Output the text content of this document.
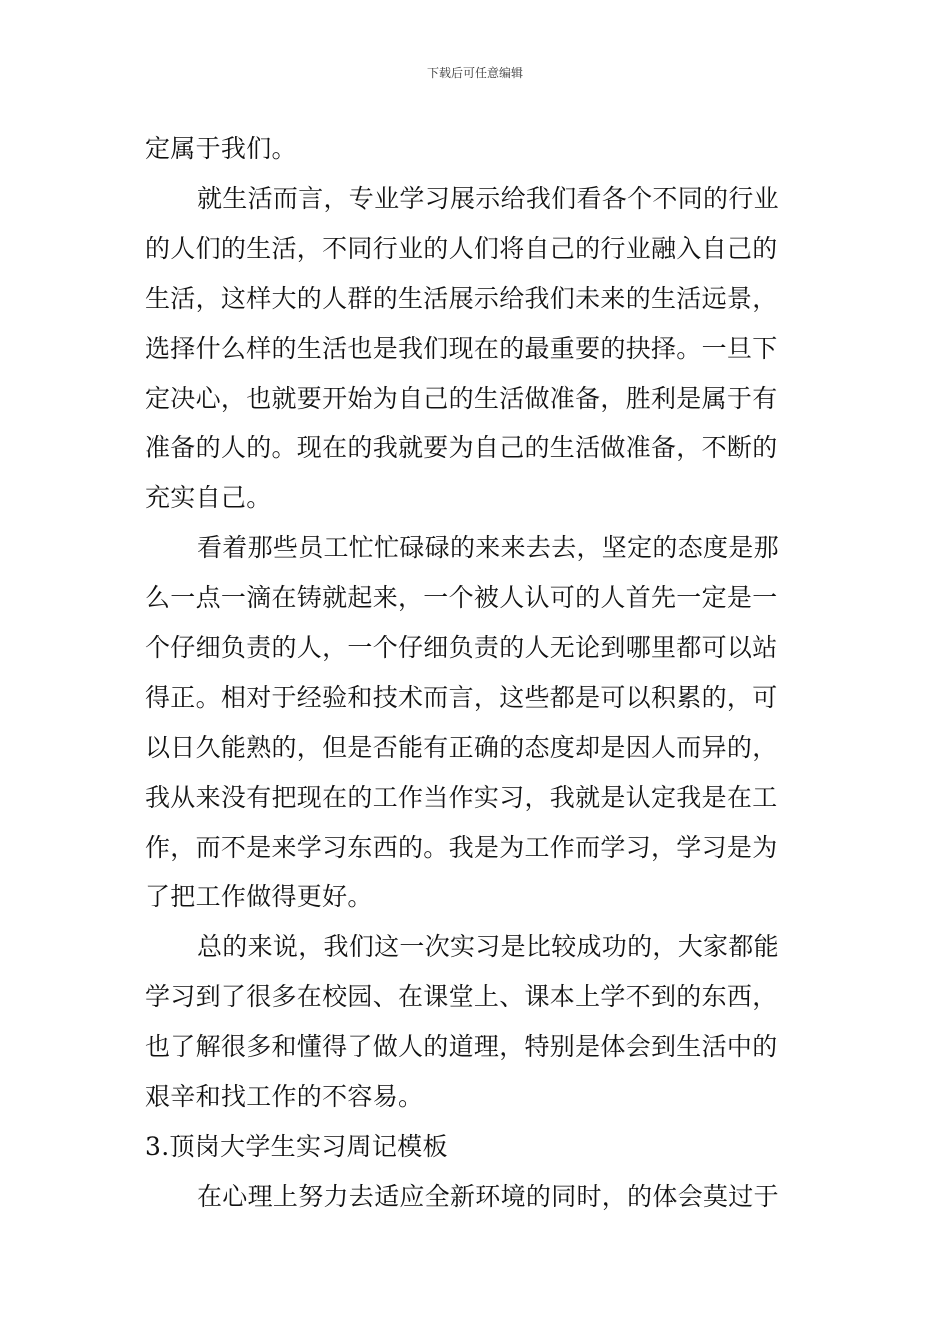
下载后可任意编辑
定属于我们。
就生活而言，专业学习展示给我们看各个不同的行业
的人们的生活，不同行业的人们将自己的行业融入自己的
生活，这样大的人群的生活展示给我们未来的生活远景，
选择什么样的生活也是我们现在的最重要的抉择。一旦下
定决心，也就要开始为自己的生活做准备，胜利是属于有
准备的人的。现在的我就要为自己的生活做准备，不断的
充实自己。
看着那些员工忙忙碌碌的来来去去，坚定的态度是那
么一点一滴在铸就起来，一个被人认可的人首先一定是一
个仔细负责的人，一个仔细负责的人无论到哪里都可以站
得正。相对于经验和技术而言，这些都是可以积累的，可
以日久能熟的，但是否能有正确的态度却是因人而异的，
我从来没有把现在的工作当作实习，我就是认定我是在工
作，而不是来学习东西的。我是为工作而学习，学习是为
了把工作做得更好。
总的来说，我们这一次实习是比较成功的，大家都能
学习到了很多在校园、在课堂上、课本上学不到的东西，
也了解很多和懂得了做人的道理，特别是体会到生活中的
艰辛和找工作的不容易。
3.顶岗大学生实习周记模板
在心理上努力去适应全新环境的同时，的体会莫过于
